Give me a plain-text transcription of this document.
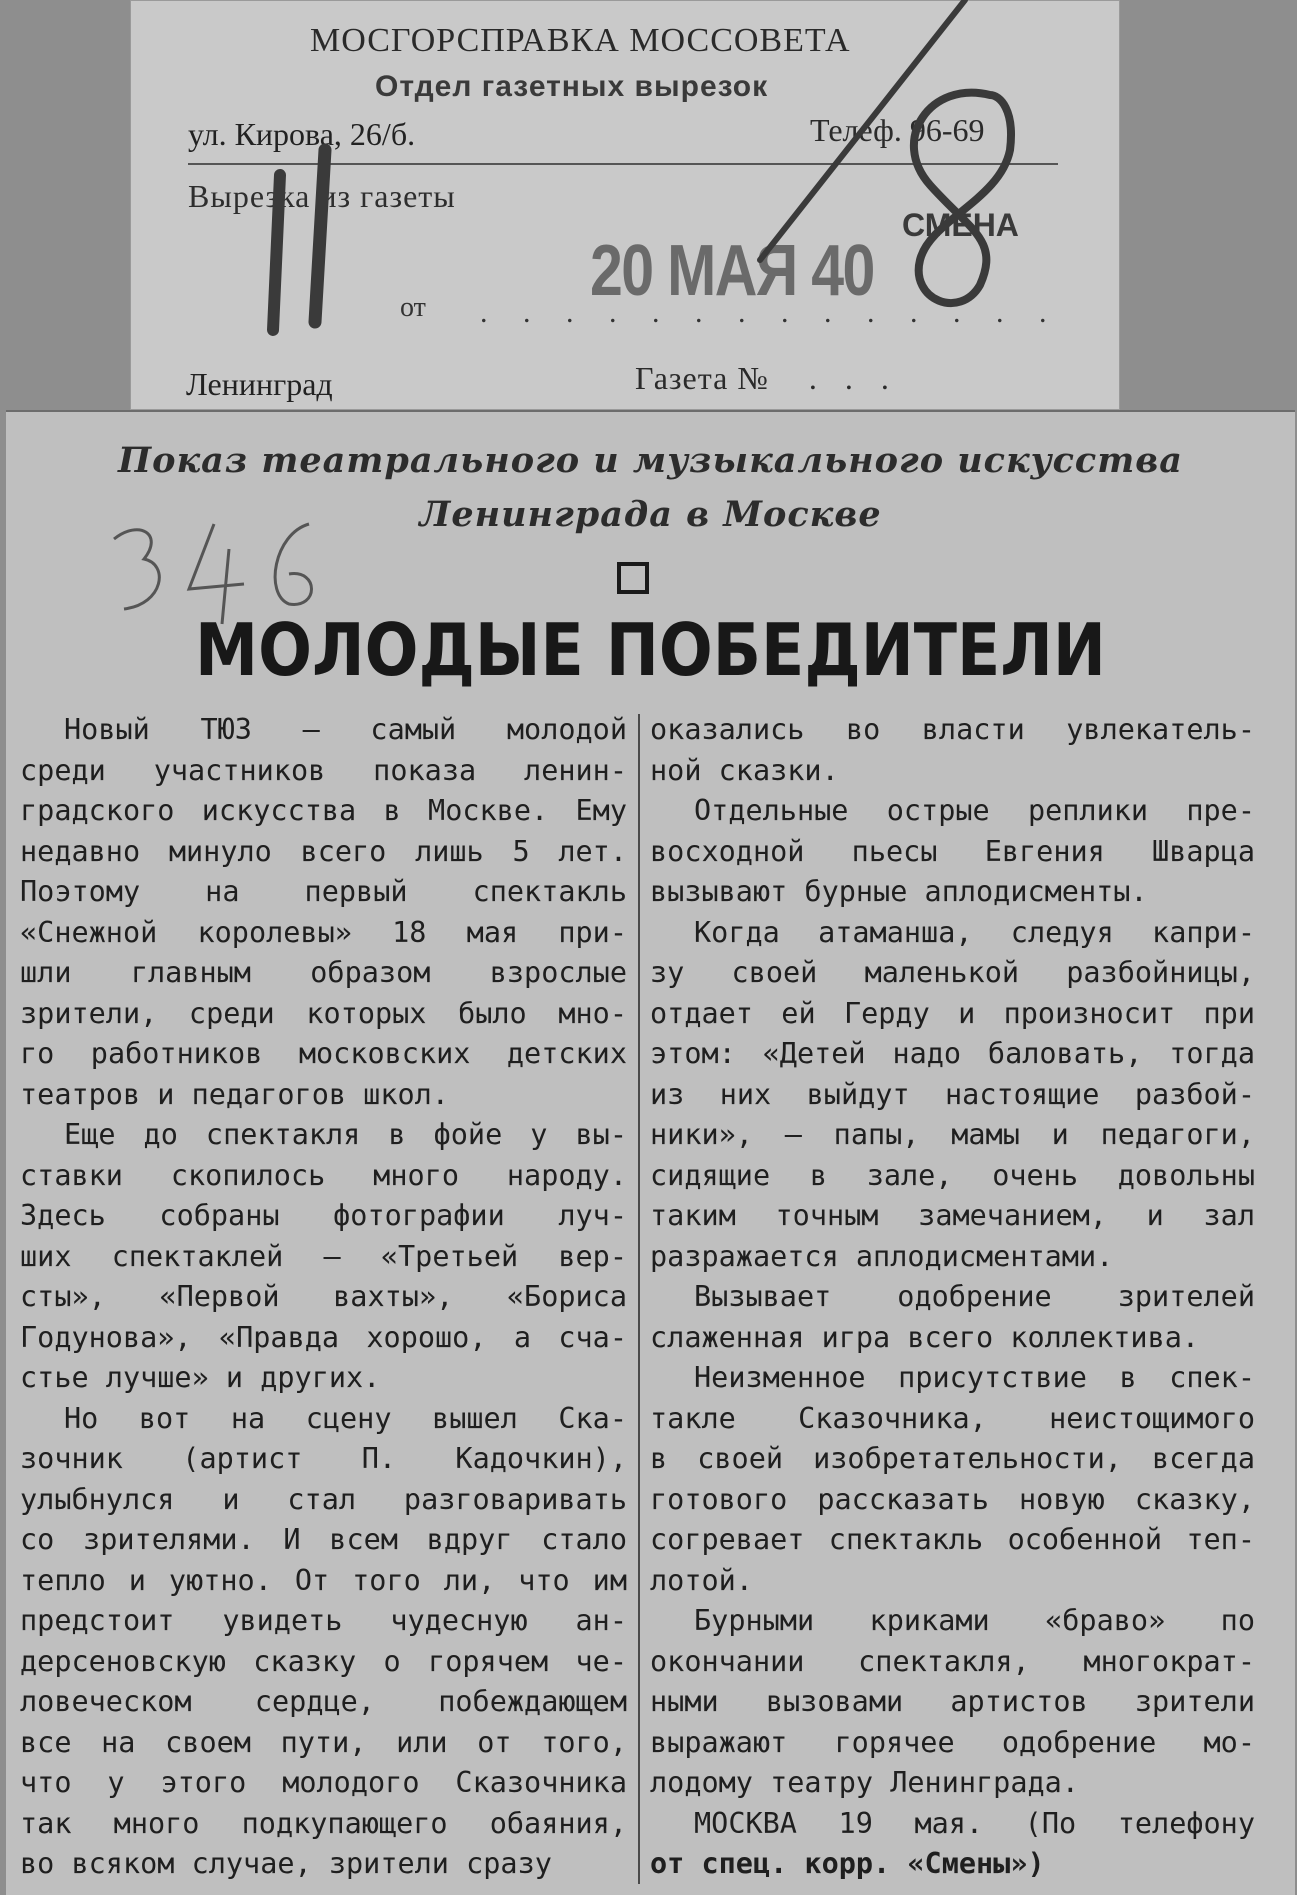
МОСГОРСПРАВКА МОССОВЕТА
Отдел газетных вырезок
ул. Кирова, 26/б.	Телеф. 96-69
Вырезка из газеты
СМЕНА
20 МАЯ 40
от . . . . . . . . . . . . . .
Ленинград	Газета № . . .
Показ театрального и музыкального искусства
Ленинграда в Москве
МОЛОДЫЕ ПОБЕДИТЕЛИ
Новый ТЮЗ — самый молодой
среди участников показа ленин-
градского искусства в Москве. Ему
недавно минуло всего лишь 5 лет.
Поэтому на первый спектакль
«Снежной королевы» 18 мая при-
шли главным образом взрослые
зрители, среди которых было мно-
го работников московских детских
театров и педагогов школ.
Еще до спектакля в фойе у вы-
ставки скопилось много народу.
Здесь собраны фотографии луч-
ших спектаклей — «Третьей вер-
сты», «Первой вахты», «Бориса
Годунова», «Правда хорошо, а сча-
стье лучше» и других.
Но вот на сцену вышел Ска-
зочник (артист П. Кадочкин),
улыбнулся и стал разговаривать
со зрителями. И всем вдруг стало
тепло и уютно. От того ли, что им
предстоит увидеть чудесную ан-
дерсеновскую сказку о горячем че-
ловеческом сердце, побеждающем
все на своем пути, или от того,
что у этого молодого Сказочника
так много подкупающего обаяния,
во всяком случае, зрители сразу
оказались во власти увлекатель-
ной сказки.
Отдельные острые реплики пре-
восходной пьесы Евгения Шварца
вызывают бурные аплодисменты.
Когда атаманша, следуя капри-
зу своей маленькой разбойницы,
отдает ей Герду и произносит при
этом: «Детей надо баловать, тогда
из них выйдут настоящие разбой-
ники», — папы, мамы и педагоги,
сидящие в зале, очень довольны
таким точным замечанием, и зал
разражается аплодисментами.
Вызывает одобрение зрителей
слаженная игра всего коллектива.
Неизменное присутствие в спек-
такле Сказочника, неистощимого
в своей изобретательности, всегда
готового рассказать новую сказку,
согревает спектакль особенной теп-
лотой.
Бурными криками «браво» по
окончании спектакля, многократ-
ными вызовами артистов зрители
выражают горячее одобрение мо-
лодому театру Ленинграда.
МОСКВА 19 мая. (По телефону
от спец. корр. «Смены»)
